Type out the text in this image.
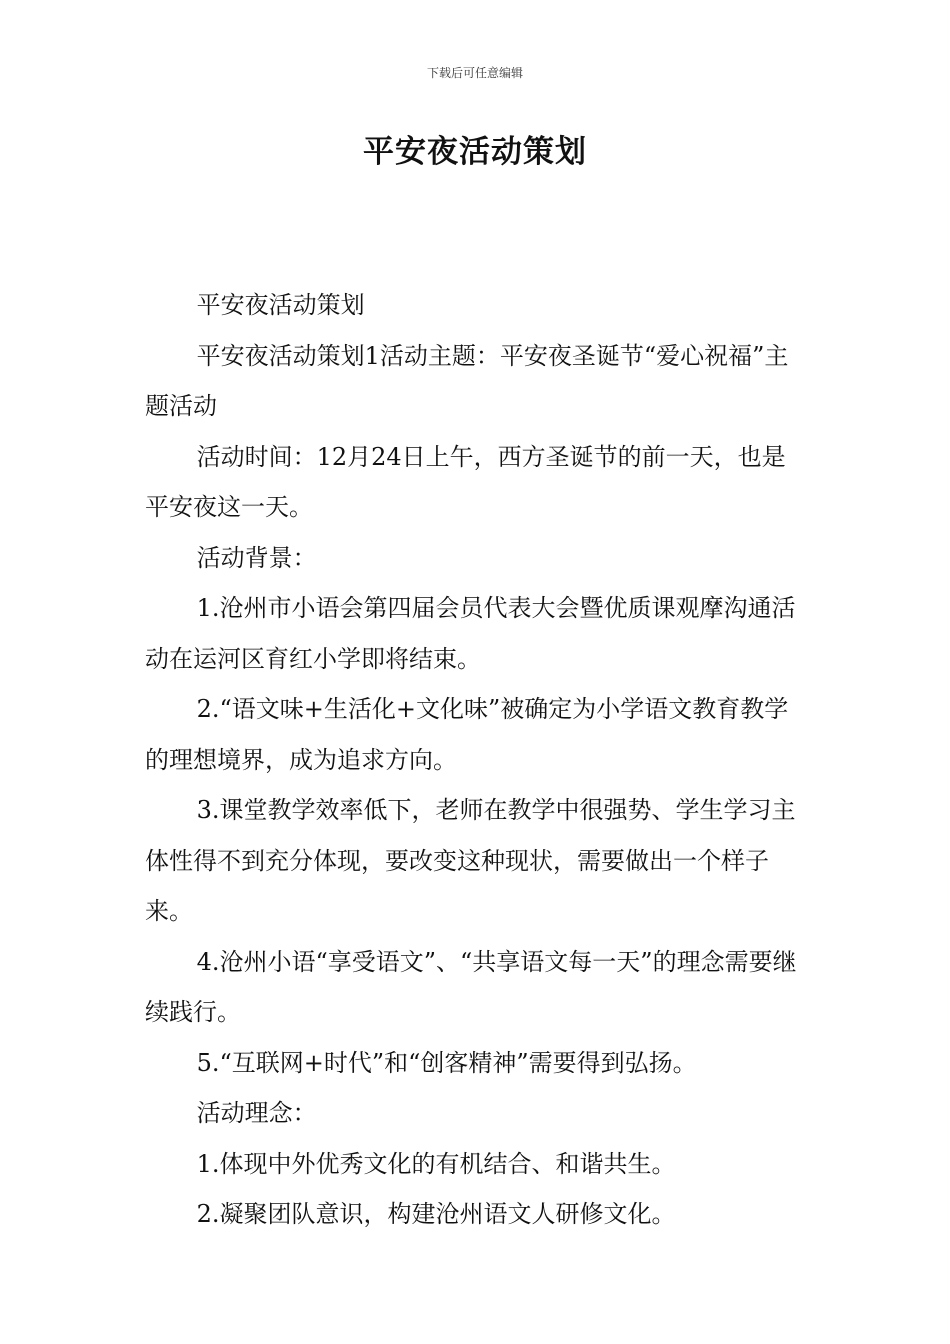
下载后可任意编辑
平安夜活动策划

平安夜活动策划

平安夜活动策划1活动主题：平安夜圣诞节“爱心祝福”主题活动

活动时间：12月24日上午，西方圣诞节的前一天，也是平安夜这一天。

活动背景：

1.沧州市小语会第四届会员代表大会暨优质课观摩沟通活动在运河区育红小学即将结束。

2.“语文味+生活化+文化味”被确定为小学语文教育教学的理想境界，成为追求方向。

3.课堂教学效率低下，老师在教学中很强势、学生学习主体性得不到充分体现，要改变这种现状，需要做出一个样子来。

4.沧州小语“享受语文”、“共享语文每一天”的理念需要继续践行。

5.“互联网+时代”和“创客精神”需要得到弘扬。

活动理念：

1.体现中外优秀文化的有机结合、和谐共生。

2.凝聚团队意识，构建沧州语文人研修文化。
